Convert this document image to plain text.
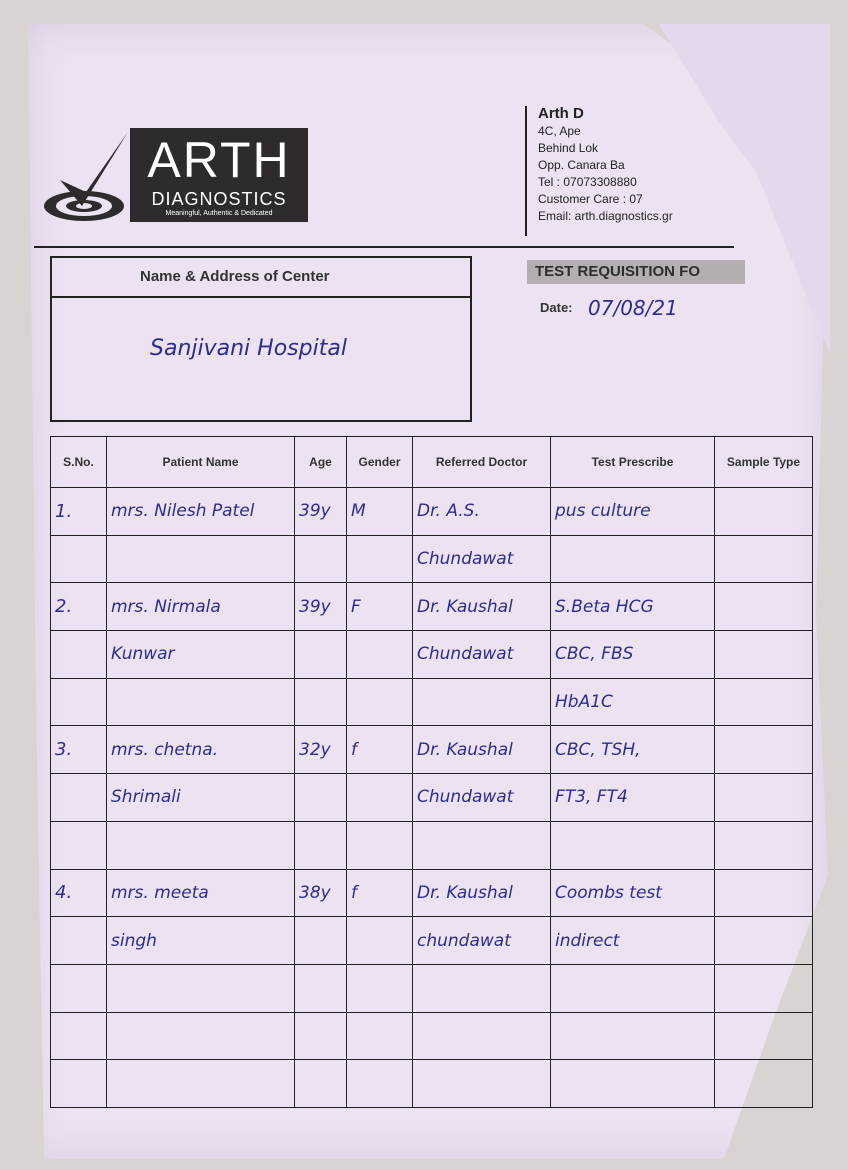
ARTH
DIAGNOSTICS
Meaningful, Authentic & Dedicated
Arth D
4C, Ape
Behind Lok
Opp. Canara Ba
Tel : 07073308880
Customer Care : 07
Email: arth.diagnostics.gr
Name & Address of Center
Sanjivani Hospital
TEST REQUISITION FO
Date: 07/08/21
S.No.	Patient Name	Age	Gender	Referred Doctor	Test Prescribe	Sample Type
1.	mrs. Nilesh Patel	39y	M	Dr. A.S.	pus culture	
				Chundawat		
2.	mrs. Nirmala	39y	F	Dr. Kaushal	S.Beta HCG	
	Kunwar			Chundawat	CBC, FBS	
					HbA1C	
3.	mrs. chetna.	32y	f	Dr. Kaushal	CBC, TSH,	
	Shrimali			Chundawat	FT3, FT4	

4.	mrs. meeta	38y	f	Dr. Kaushal	Coombs test	
	singh			chundawat	indirect	
